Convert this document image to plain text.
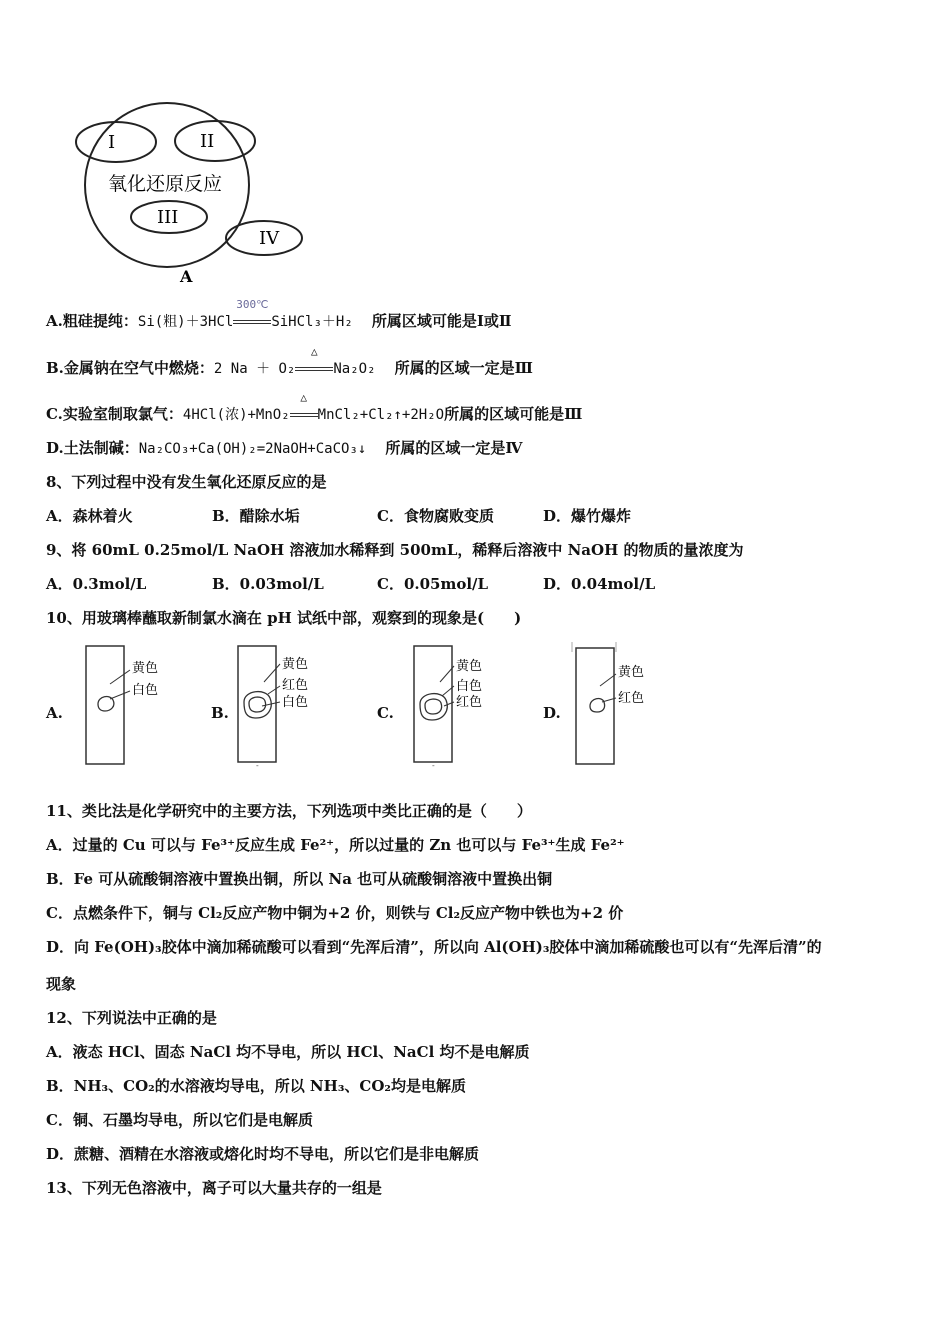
I	II
III
IV
氧化还原反应
A
A.粗硅提纯：Si(粗)＋3HCl
300℃
SiHCl₃＋H₂ 所属区域可能是Ⅰ或Ⅱ
B.金属钠在空气中燃烧：2 Na ＋ O₂
△
Na₂O₂ 所属的区域一定是Ⅲ
C.实验室制取氯气：4HCl(浓)+MnO₂
△
MnCl₂+Cl₂↑+2H₂O所属的区域可能是Ⅲ
D.土法制碱：Na₂CO₃+Ca(OH)₂=2NaOH+CaCO₃↓ 所属的区域一定是Ⅳ
8、下列过程中没有发生氧化还原反应的是
A．森林着火	B．醋除水垢	C．食物腐败变质	D．爆竹爆炸
9、将 60mL 0.25mol/L NaOH 溶液加水稀释到 500mL，稀释后溶液中 NaOH 的物质的量浓度为
A．0.3mol/L	B．0.03mol/L	C．0.05mol/L	D．0.04mol/L
10、用玻璃棒蘸取新制氯水滴在 pH 试纸中部，观察到的现象是(　　)
A.
黄色
白色
B.
黄色
红色
白色
-
C.
黄色
白色
红色
-
D.
黄色
红色
11、类比法是化学研究中的主要方法，下列选项中类比正确的是（　　）
A．过量的 Cu 可以与 Fe³⁺反应生成 Fe²⁺，所以过量的 Zn 也可以与 Fe³⁺生成 Fe²⁺
B．Fe 可从硫酸铜溶液中置换出铜，所以 Na 也可从硫酸铜溶液中置换出铜
C．点燃条件下，铜与 Cl₂反应产物中铜为+2 价，则铁与 Cl₂反应产物中铁也为+2 价
D．向 Fe(OH)₃胶体中滴加稀硫酸可以看到“先浑后清”，所以向 Al(OH)₃胶体中滴加稀硫酸也可以有“先浑后清”的
现象
12、下列说法中正确的是
A．液态 HCl、固态 NaCl 均不导电，所以 HCl、NaCl 均不是电解质
B．NH₃、CO₂的水溶液均导电，所以 NH₃、CO₂均是电解质
C．铜、石墨均导电，所以它们是电解质
D．蔗糖、酒精在水溶液或熔化时均不导电，所以它们是非电解质
13、下列无色溶液中，离子可以大量共存的一组是
